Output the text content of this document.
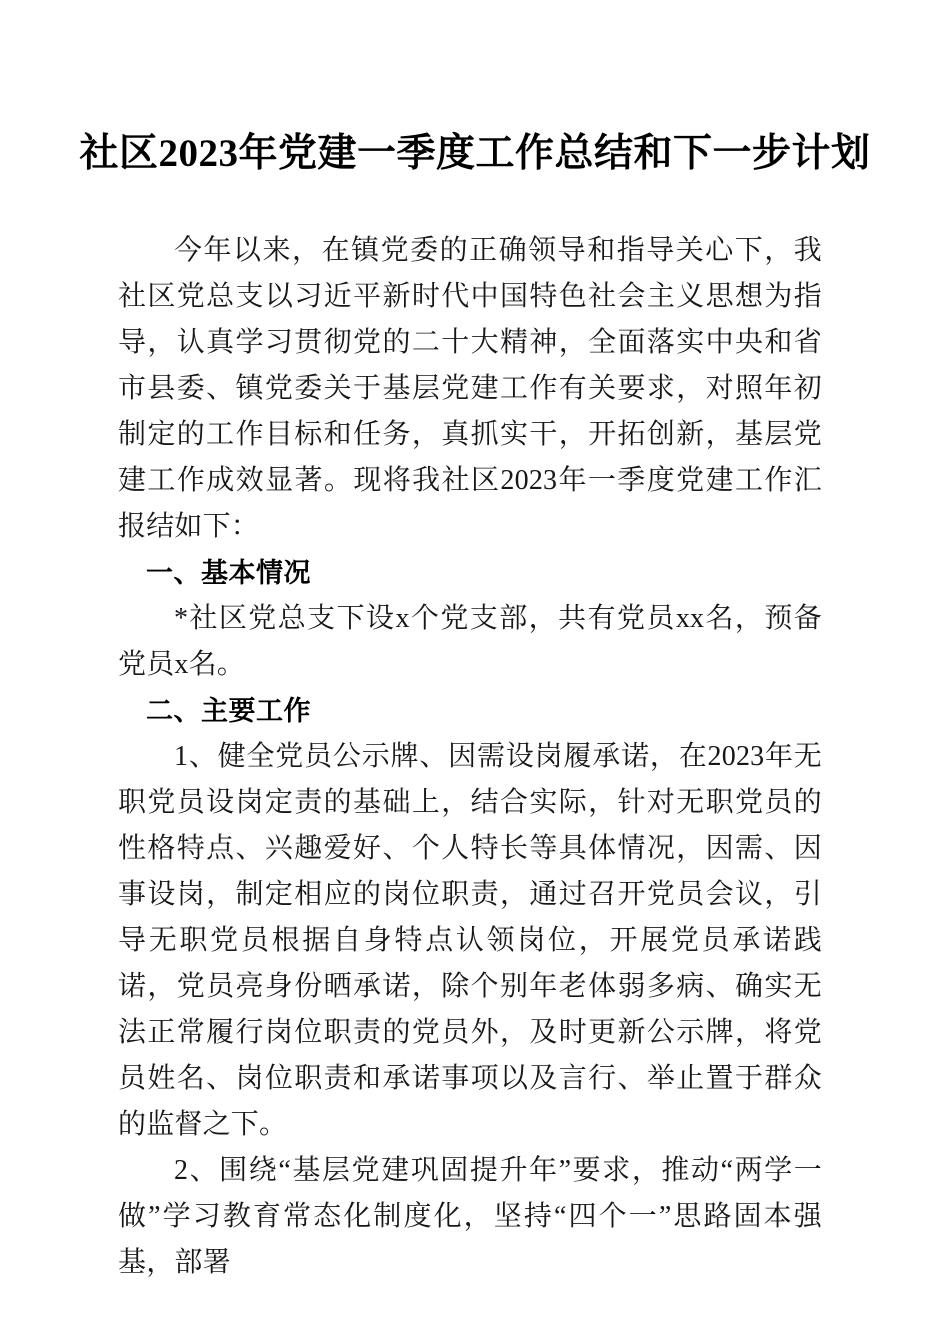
社区2023年党建一季度工作总结和下一步计划

今年以来，在镇党委的正确领导和指导关心下，我社区党总支以习近平新时代中国特色社会主义思想为指导，认真学习贯彻党的二十大精神，全面落实中央和省市县委、镇党委关于基层党建工作有关要求，对照年初制定的工作目标和任务，真抓实干，开拓创新，基层党建工作成效显著。现将我社区2023年一季度党建工作汇报结如下：

一、基本情况

*社区党总支下设x个党支部，共有党员xx名，预备党员x名。

二、主要工作

1、健全党员公示牌、因需设岗履承诺，在2023年无职党员设岗定责的基础上，结合实际，针对无职党员的性格特点、兴趣爱好、个人特长等具体情况，因需、因事设岗，制定相应的岗位职责，通过召开党员会议，引导无职党员根据自身特点认领岗位，开展党员承诺践诺，党员亮身份晒承诺，除个别年老体弱多病、确实无法正常履行岗位职责的党员外，及时更新公示牌，将党员姓名、岗位职责和承诺事项以及言行、举止置于群众的监督之下。

2、围绕“基层党建巩固提升年”要求，推动“两学一做”学习教育常态化制度化，坚持“四个一”思路固本强基，部署
